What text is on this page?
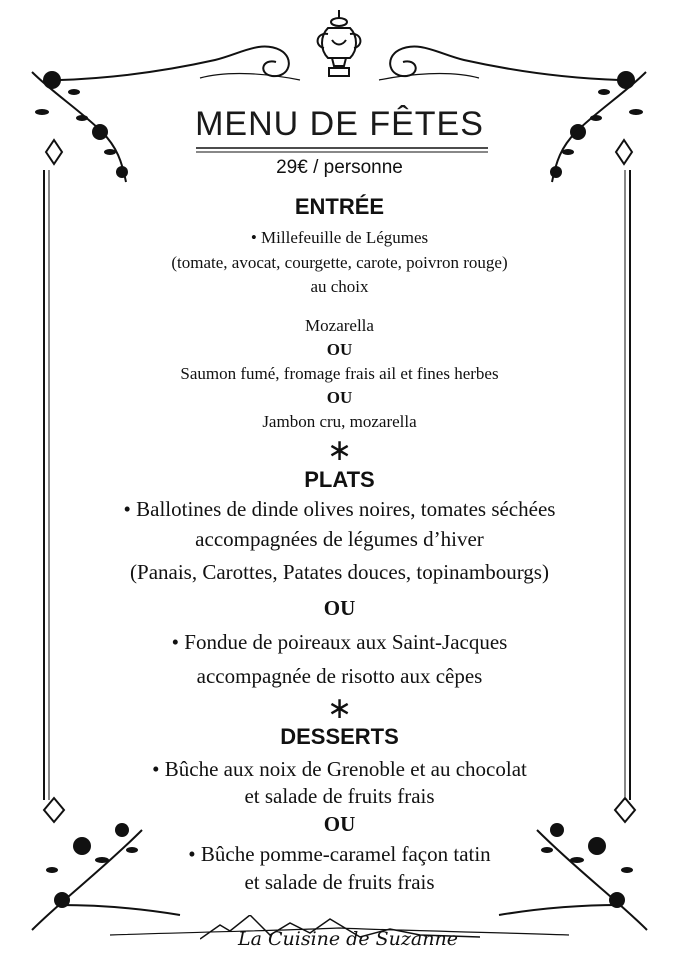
MENU DE FÊTES
29€ / personne
ENTRÉE
• Millefeuille de Légumes
(tomate, avocat, courgette, carote, poivron rouge)
au choix
Mozarella
OU
Saumon fumé, fromage frais ail et fines herbes
OU
Jambon cru, mozarella
∗
PLATS
• Ballotines de dinde olives noires, tomates séchées
accompagnées de légumes d’hiver
(Panais, Carottes, Patates douces, topinambourgs)
OU
• Fondue de poireaux aux Saint-Jacques
accompagnée de risotto aux cêpes
∗
DESSERTS
• Bûche aux noix de Grenoble et au chocolat
et salade de fruits frais
OU
• Bûche pomme-caramel façon tatin
et salade de fruits frais
La Cuisine de Suzanne
